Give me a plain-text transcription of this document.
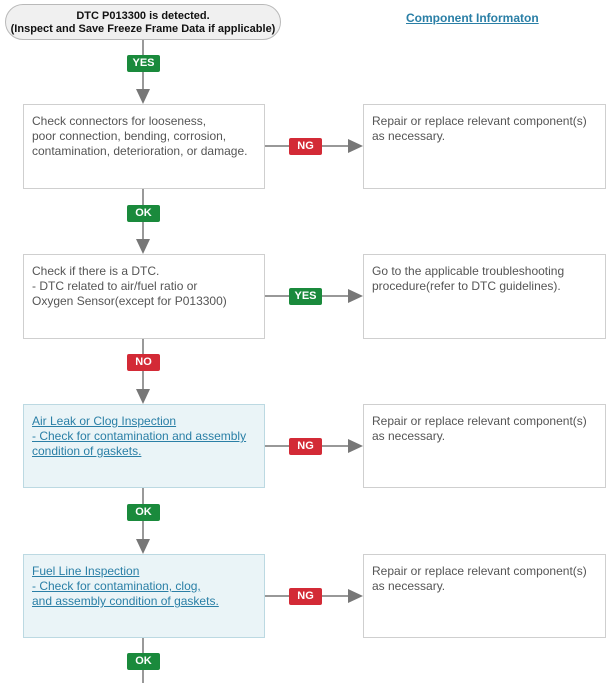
DTC P013300 is detected.
(Inspect and Save Freeze Frame Data if applicable)
Component Informaton
YES
Check connectors for looseness,
poor connection, bending, corrosion,
contamination, deterioration, or damage.	NG
Repair or replace relevant component(s)
as necessary.
OK
Check if there is a DTC.
- DTC related to air/fuel ratio or
Oxygen Sensor(except for P013300)	YES
Go to the applicable troubleshooting
procedure(refer to DTC guidelines).
NO
Air Leak or Clog Inspection
- Check for contamination and assembly
condition of gaskets.	NG
Repair or replace relevant component(s)
as necessary.
OK
Fuel Line Inspection
- Check for contamination, clog,
and assembly condition of gaskets.	NG
Repair or replace relevant component(s)
as necessary.
OK
